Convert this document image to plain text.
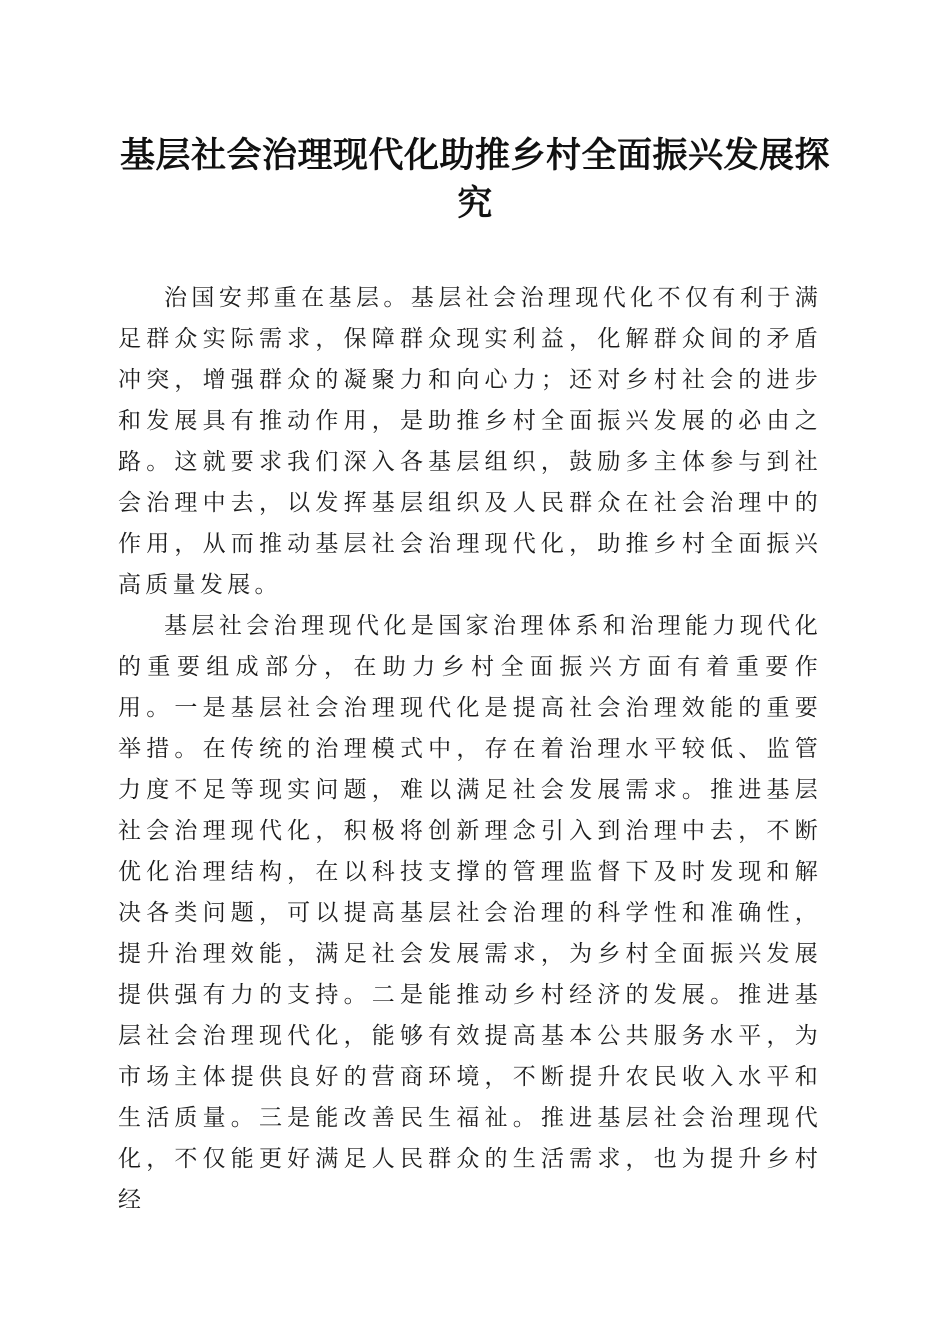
基层社会治理现代化助推乡村全面振兴发展探究

治国安邦重在基层。基层社会治理现代化不仅有利于满足群众实际需求，保障群众现实利益，化解群众间的矛盾冲突，增强群众的凝聚力和向心力；还对乡村社会的进步和发展具有推动作用，是助推乡村全面振兴发展的必由之路。这就要求我们深入各基层组织，鼓励多主体参与到社会治理中去，以发挥基层组织及人民群众在社会治理中的作用，从而推动基层社会治理现代化，助推乡村全面振兴高质量发展。

基层社会治理现代化是国家治理体系和治理能力现代化的重要组成部分，在助力乡村全面振兴方面有着重要作用。一是基层社会治理现代化是提高社会治理效能的重要举措。在传统的治理模式中，存在着治理水平较低、监管力度不足等现实问题，难以满足社会发展需求。推进基层社会治理现代化，积极将创新理念引入到治理中去，不断优化治理结构，在以科技支撑的管理监督下及时发现和解决各类问题，可以提高基层社会治理的科学性和准确性，提升治理效能，满足社会发展需求，为乡村全面振兴发展提供强有力的支持。二是能推动乡村经济的发展。推进基层社会治理现代化，能够有效提高基本公共服务水平，为市场主体提供良好的营商环境，不断提升农民收入水平和生活质量。三是能改善民生福祉。推进基层社会治理现代化，不仅能更好满足人民群众的生活需求，也为提升乡村经
